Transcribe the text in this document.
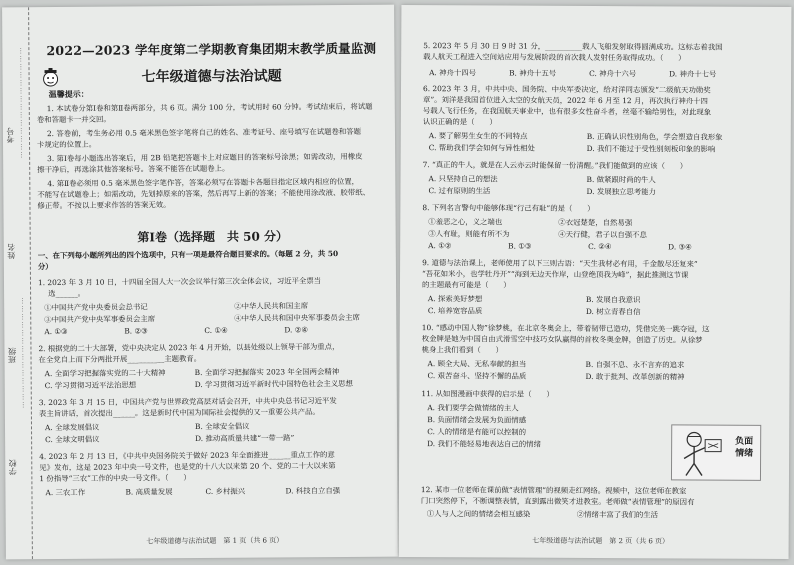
考号
姓名
班级
学校
……………………………………
……………………………………
2022—2023 学年度第二学期教育集团期末教学质量监测
七年级道德与法治试题
温馨提示：
1. 本试卷分第Ⅰ卷和第Ⅱ卷两部分，共 6 页。满分 100 分，考试用时 60 分钟。考试结束后，将试题
卷和答题卡一并交回。
2. 答卷前，考生务必用 0.5 毫米黑色签字笔将自己的姓名、准考证号、座号填写在试题卷和答题
卡规定的位置上。
3. 第Ⅰ卷每小题选出答案后，用 2B 铅笔把答题卡上对应题目的答案标号涂黑；如需改动，用橡皮
擦干净后，再选涂其他答案标号。答案不能答在试题卷上。
4. 第Ⅱ卷必须用 0.5 毫米黑色签字笔作答，答案必须写在答题卡各题目指定区域内相应的位置，
不能写在试题卷上；如需改动，先划掉原来的答案，然后再写上新的答案；不能使用涂改液、胶带纸、
修正带。不按以上要求作答的答案无效。
第Ⅰ卷（选择题　共 50 分）
一、在下列每小题所列出的四个选项中，只有一项是最符合题目要求的。（每题 2 分，共 50
分）
1. 2023 年 3 月 10 日，十四届全国人大一次会议举行第三次全体会议，习近平全票当
选______。
①中国共产党中央委员会总书记	②中华人民共和国主席
③中国共产党中央军事委员会主席	④中华人民共和国中央军事委员会主席
A. ①③	B. ②③	C. ①④	D. ②④
2. 根据党的二十大部署，党中央决定从 2023 年 4 月开始，以县处级以上领导干部为重点，
在全党自上而下分两批开展__________主题教育。
A. 全面学习把握落实党的二十大精神	B. 全面学习把握落实 2023 年全国两会精神
C. 学习贯彻习近平法治思想	D. 学习贯彻习近平新时代中国特色社会主义思想
3. 2023 年 3 月 15 日，中国共产党与世界政党高层对话会召开，中共中央总书记习近平发
表主旨讲话，首次提出______。这是新时代中国为国际社会提供的又一重要公共产品。
A. 全球发展倡议	B. 全球安全倡议
C. 全球文明倡议	D. 推动高质量共建“一带一路”
4. 2023 年 2 月 13 日，《中共中央国务院关于做好 2023 年全面推进______重点工作的意
见》发布，这是 2023 年中央一号文件，也是党的十八大以来第 20 个、党的二十大以来第
1 份指导“三农”工作的中央一号文件。（　　）
A. 三农工作	B. 高质量发展	C. 乡村振兴	D. 科技自立自强
七年级道德与法治试题　第 1 页（共 6 页）
5. 2023 年 5 月 30 日 9 时 31 分，__________载人飞船发射取得圆满成功。这标志着我国
载人航天工程进入空间站应用与发展阶段的首次载人发射任务取得成功。（　　）
A. 神舟十四号	B. 神舟十五号	C. 神舟十六号	D. 神舟十七号
6. 2023 年 3 月，中共中央、国务院、中央军委决定，给对洋同志颁发“二级航天功勋奖
章”。刘洋是我国首位进入太空的女航天员，2022 年 6 月至 12 月，再次执行神舟十四
号载人飞行任务，在我国航天事业中，也有很多女性奋斗者，丝毫不输给男性，对此现象
认识正确的是（　　）
A. 要了解男生女生的不同特点	B. 正确认识性别角色，学会塑造自我形象
C. 帮助我们学会如何与异性相处	D. 我们不能过于受性别刻板印象的影响
7. “真正的牛人，就是在人云亦云时能保留一份清醒。”我们能做到的应该（　　）
A. 只坚持自己的想法	B. 做紧跟时尚的牛人
C. 过有原则的生活	D. 发展独立思考能力
8. 下列名言警句中能够体现“行己有耻”的是（　　）
①羞恶之心，义之端也	②衣冠楚楚，自然易强
③人有耻，则能有所不为	④天行健，君子以自强不息
A. ①②	B. ①③	C. ②④	D. ③④
9. 道德与法治课上，老师使用了以下三则古语：“天生我材必有用，千金散尽还复来”
“吾花如米小，也学牡丹开”“海到无边天作岸，山登绝顶我为峰”，据此推测这节课
的主题最有可能是（　　）
A. 探索美好梦想	B. 发展自我意识
C. 培养宽容品质	D. 树立青春自信
10. “感动中国人物”徐梦桃，在北京冬奥会上，带着韧带已造功，凭借完美一跳夺冠，这
枚金牌是她为中国自由式滑雪空中技巧女队赢得的首枚冬奥金牌，创造了历史。从徐梦
桃身上我们看到（　　）
A. 顾全大局、无私奉献的担当	B. 自强不息、永不言弃的追求
C. 艰苦奋斗、坚持不懈的品质	D. 敢于批判、改革创新的精神
11. 从如图漫画中获得的启示是（　　）
A. 我们要学会做情绪的主人
B. 负面情绪会发展为负面情感
C. 人的情绪是有能可以控制的
D. 我们不能轻易地表达自己的情绪	负面情绪
12. 某市一位老师在课前做“表情管理”的视频走红网络。视频中，这位老师在教室
门口突然停下，不断调整表情，直到露出微笑才进教室。老师做“表情管理”的原因有
①人与人之间的情绪会相互感染	②情绪丰富了我们的生活
七年级道德与法治试题　第 2 页（共 6 页）
